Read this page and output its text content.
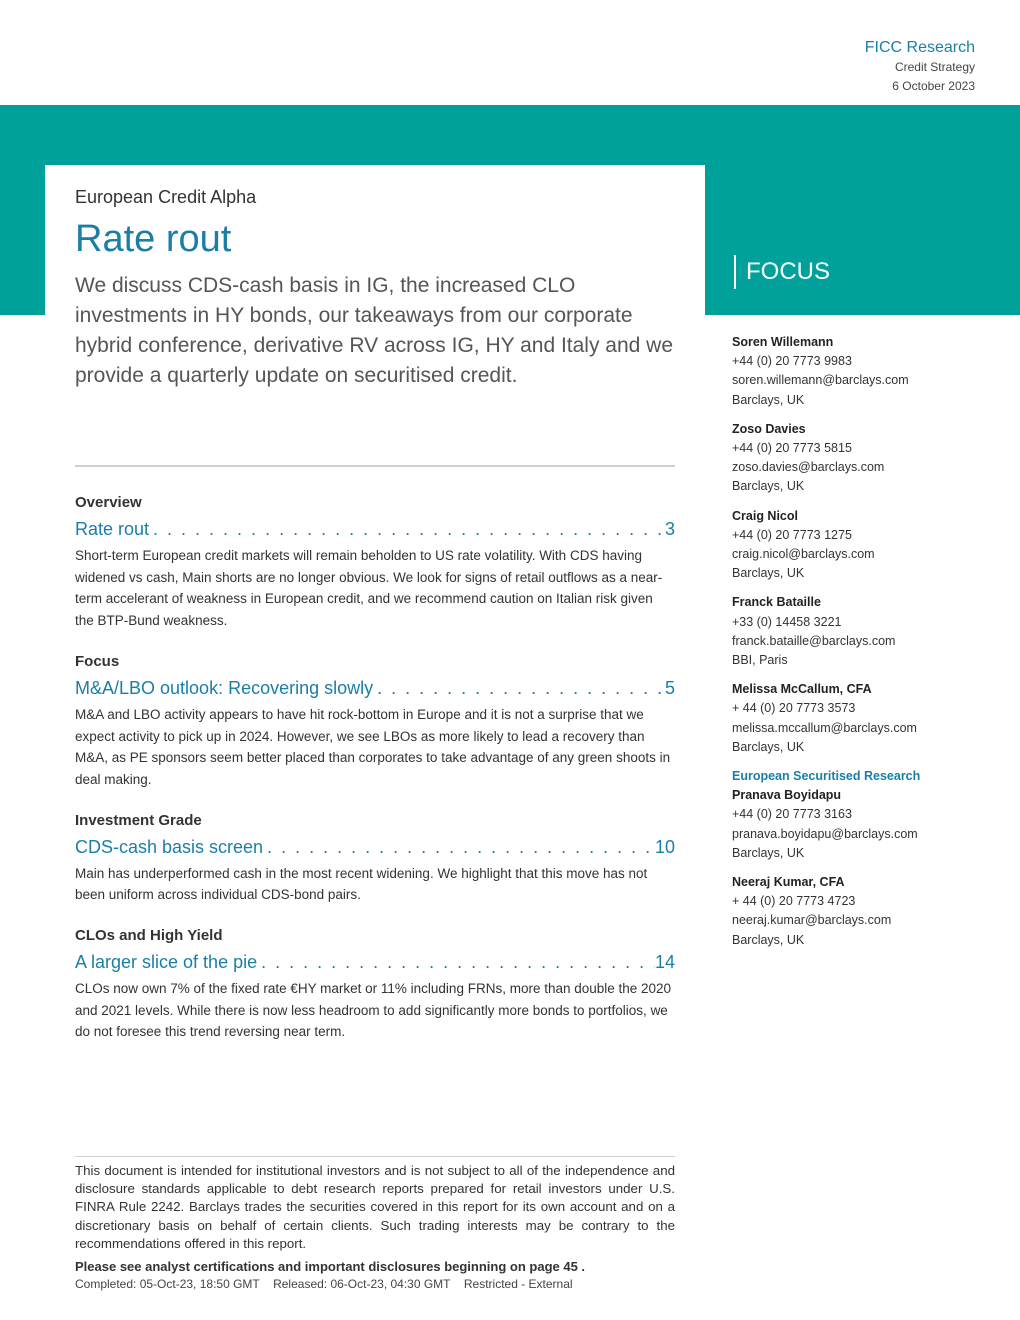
FICC Research
Credit Strategy
6 October 2023
European Credit Alpha
Rate rout

We discuss CDS-cash basis in IG, the increased CLO investments in HY bonds, our takeaways from our corporate hybrid conference, derivative RV across IG, HY and Italy and we provide a quarterly update on securitised credit.

FOCUS
Overview
Rate rout . . .	3

Short-term European credit markets will remain beholden to US rate volatility. With CDS having widened vs cash, Main shorts are no longer obvious. We look for signs of retail outflows as a near-term accelerant of weakness in European credit, and we recommend caution on Italian risk given the BTP-Bund weakness.

Focus
M&A/LBO outlook: Recovering slowly . . .	5

M&A and LBO activity appears to have hit rock-bottom in Europe and it is not a surprise that we expect activity to pick up in 2024. However, we see LBOs as more likely to lead a recovery than M&A, as PE sponsors seem better placed than corporates to take advantage of any green shoots in deal making.

Investment Grade
CDS-cash basis screen . . .	10

Main has underperformed cash in the most recent widening. We highlight that this move has not been uniform across individual CDS-bond pairs.

CLOs and High Yield
A larger slice of the pie . . .	14

CLOs now own 7% of the fixed rate €HY market or 11% including FRNs, more than double the 2020 and 2021 levels. While there is now less headroom to add significantly more bonds to portfolios, we do not foresee this trend reversing near term.

This document is intended for institutional investors and is not subject to all of the independence and disclosure standards applicable to debt research reports prepared for retail investors under U.S. FINRA Rule 2242. Barclays trades the securities covered in this report for its own account and on a discretionary basis on behalf of certain clients. Such trading interests may be contrary to the recommendations offered in this report.

Please see analyst certifications and important disclosures beginning on page 45 .
Completed: 05-Oct-23, 18:50 GMT Released: 06-Oct-23, 04:30 GMT Restricted - External
Soren Willemann
+44 (0) 20 7773 9983
soren.willemann@barclays.com
Barclays, UK
Zoso Davies
+44 (0) 20 7773 5815
zoso.davies@barclays.com
Barclays, UK
Craig Nicol
+44 (0) 20 7773 1275
craig.nicol@barclays.com
Barclays, UK
Franck Bataille
+33 (0) 14458 3221
franck.bataille@barclays.com
BBI, Paris
Melissa McCallum, CFA
+ 44 (0) 20 7773 3573
melissa.mccallum@barclays.com
Barclays, UK
European Securitised Research
Pranava Boyidapu
+44 (0) 20 7773 3163
pranava.boyidapu@barclays.com
Barclays, UK
Neeraj Kumar, CFA
+ 44 (0) 20 7773 4723
neeraj.kumar@barclays.com
Barclays, UK
